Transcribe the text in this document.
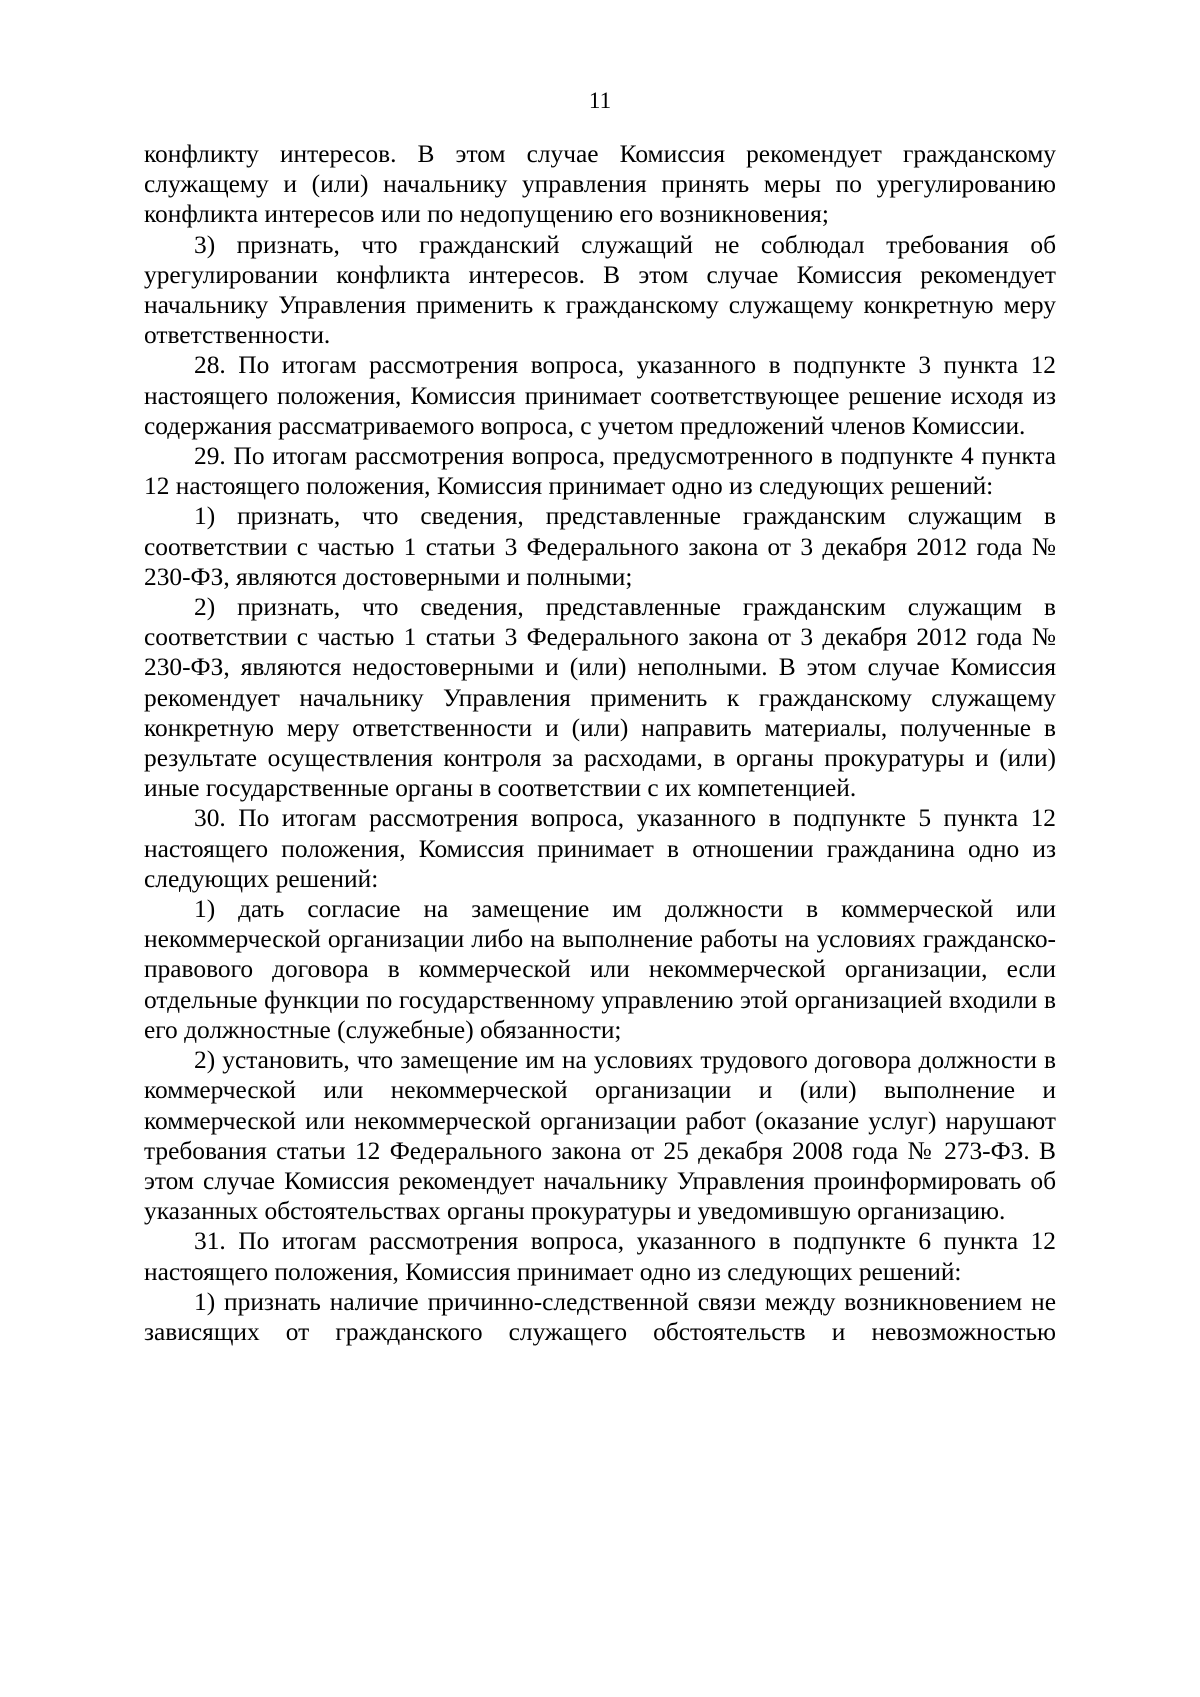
11

конфликту интересов. В этом случае Комиссия рекомендует гражданскому служащему и (или) начальнику управления принять меры по урегулированию конфликта интересов или по недопущению его возникновения;

3) признать, что гражданский служащий не соблюдал требования об урегулировании конфликта интересов. В этом случае Комиссия рекомендует начальнику Управления применить к гражданскому служащему конкретную меру ответственности.

28. По итогам рассмотрения вопроса, указанного в подпункте 3 пункта 12 настоящего положения, Комиссия принимает соответствующее решение исходя из содержания рассматриваемого вопроса, с учетом предложений членов Комиссии.

29. По итогам рассмотрения вопроса, предусмотренного в подпункте 4 пункта 12 настоящего положения, Комиссия принимает одно из следующих решений:

1) признать, что сведения, представленные гражданским служащим в соответствии с частью 1 статьи 3 Федерального закона от 3 декабря 2012 года № 230-ФЗ, являются достоверными и полными;

2) признать, что сведения, представленные гражданским служащим в соответствии с частью 1 статьи 3 Федерального закона от 3 декабря 2012 года № 230-ФЗ, являются недостоверными и (или) неполными. В этом случае Комиссия рекомендует начальнику Управления применить к гражданскому служащему конкретную меру ответственности и (или) направить материалы, полученные в результате осуществления контроля за расходами, в органы прокуратуры и (или) иные государственные органы в соответствии с их компетенцией.

30. По итогам рассмотрения вопроса, указанного в подпункте 5 пункта 12 настоящего положения, Комиссия принимает в отношении гражданина одно из следующих решений:

1) дать согласие на замещение им должности в коммерческой или некоммерческой организации либо на выполнение работы на условиях гражданско-правового договора в коммерческой или некоммерческой организации, если отдельные функции по государственному управлению этой организацией входили в его должностные (служебные) обязанности;

2) установить, что замещение им на условиях трудового договора должности в коммерческой или некоммерческой организации и (или) выполнение и коммерческой или некоммерческой организации работ (оказание услуг) нарушают требования статьи 12 Федерального закона от 25 декабря 2008 года № 273-ФЗ. В этом случае Комиссия рекомендует начальнику Управления проинформировать об указанных обстоятельствах органы прокуратуры и уведомившую организацию.

31. По итогам рассмотрения вопроса, указанного в подпункте 6 пункта 12 настоящего положения, Комиссия принимает одно из следующих решений:

1) признать наличие причинно-следственной связи между возникновением не зависящих от гражданского служащего обстоятельств и невозможностью
